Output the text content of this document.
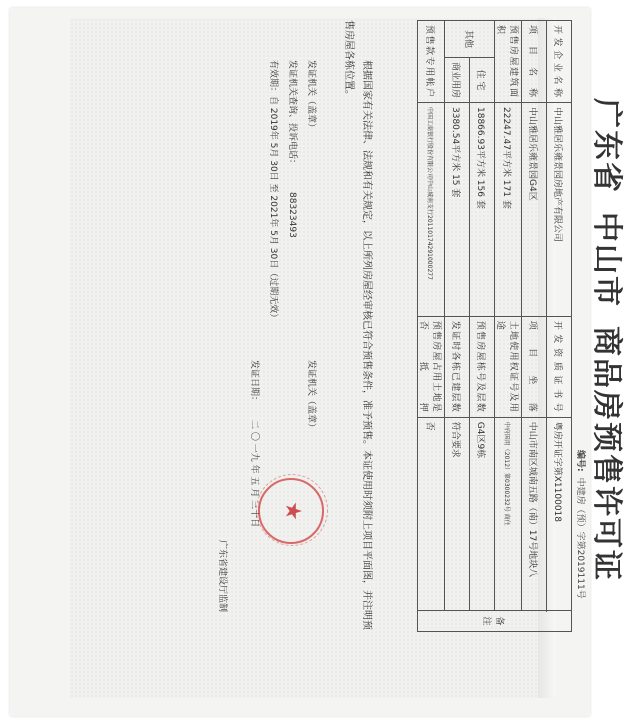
广东省中山市商品房预售许可证
编号:中建房（预）字第2019111号
开发企业名称		中山雅居乐雍景园房地产有限公司	开发资质证书号	粤房开证字第X1100018	备注
项目名称		中山雅居乐雍景园G4区	项目坐落	中山市南区城南五路（南）17号地块八	
预售房屋建筑面积		22247.47平方米 171 套	土地使用权证号及用途	中府国用（2012）第0300232号 商住	
其他	住 宅	18866.93平方米 156 套	预售房屋栋号及层数	G4区9栋	
	商业用房	3380.54平方米 15 套	发证时各栋已建层数	符合要求	
预售款专用帐户		中国工商银行股份有限公司中山城南支行20110174291000277	预售房屋占用土地是否抵押	否	

根据国家有关法律、法规和有关规定，以上所列房屋经审核已符合预售条件，准予预售。本证使用时须附上项目平面图，并注明预

售房屋各栋位置。

发证机关（盖章）
发证机关（盖章）
发证机关查询、投诉电话：
88323493
有效期：自 2019年 5月 30日 至 2021年 5月 30日（过期无效）
发证日期：
二 〇 一九 年 五 月 三十日 ★
广东省建设厅监制
